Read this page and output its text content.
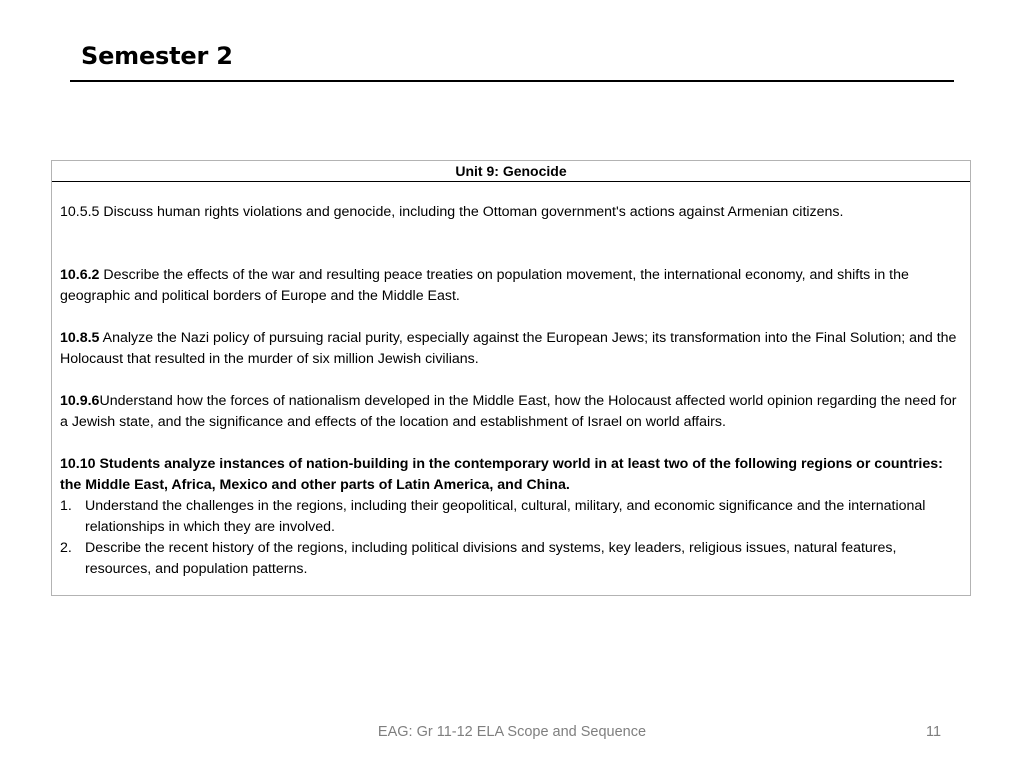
Semester 2
Unit 9: Genocide

10.5.5 Discuss human rights violations and genocide, including the Ottoman government's actions against Armenian citizens.

10.6.2 Describe the effects of the war and resulting peace treaties on population movement, the international economy, and shifts in the geographic and political borders of Europe and the Middle East.

10.8.5 Analyze the Nazi policy of pursuing racial purity, especially against the European Jews; its transformation into the Final Solution; and the Holocaust that resulted in the murder of six million Jewish civilians.

10.9.6Understand how the forces of nationalism developed in the Middle East, how the Holocaust affected world opinion regarding the need for a Jewish state, and the significance and effects of the location and establishment of Israel on world affairs.

10.10 Students analyze instances of nation-building in the contemporary world in at least two of the following regions or countries: the Middle East, Africa, Mexico and other parts of Latin America, and China.

1. Understand the challenges in the regions, including their geopolitical, cultural, military, and economic significance and the international relationships in which they are involved.
2. Describe the recent history of the regions, including political divisions and systems, key leaders, religious issues, natural features, resources, and population patterns.
EAG: Gr 11-12 ELA Scope and Sequence	11
